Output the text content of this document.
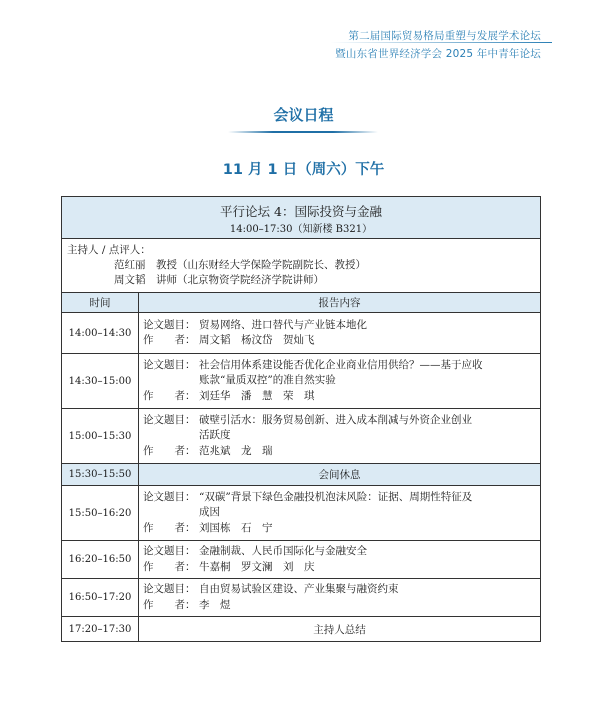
第二届国际贸易格局重塑与发展学术论坛
暨山东省世界经济学会 2025 年中青年论坛
会议日程
11 月 1 日（周六）下午
平行论坛 4：国际投资与金融	
14:00–17:30（知新楼 B321）	

主持人 / 点评人：
范红丽　教授（山东财经大学保险学院副院长、教授）
周文韬　讲师（北京物资学院经济学院讲师）	

时间	报告内容
14:00–14:30	论文题目： 贸易网络、进口替代与产业链本地化
作　　者： 周文韬　杨汶岱　贺灿飞

14:30–15:00	论文题目： 社会信用体系建设能否优化企业商业信用供给？——基于应收
账款“量质双控”的准自然实验
作　　者： 刘廷华　潘　慧　荣　琪

15:00–15:30	论文题目： 破壁引活水：服务贸易创新、进入成本削减与外资企业创业
活跃度
作　　者： 范兆斌　龙　瑞

15:30–15:50	会间休息
15:50–16:20	论文题目： “双碳”背景下绿色金融投机泡沫风险：证据、周期性特征及
成因
作　　者： 刘国栋　石　宁

16:20–16:50	论文题目： 金融制裁、人民币国际化与金融安全
作　　者： 牛嘉桐　罗文澜　刘　庆

16:50–17:20	论文题目： 自由贸易试验区建设、产业集聚与融资约束
作　　者： 李　煜

17:20–17:30	主持人总结
